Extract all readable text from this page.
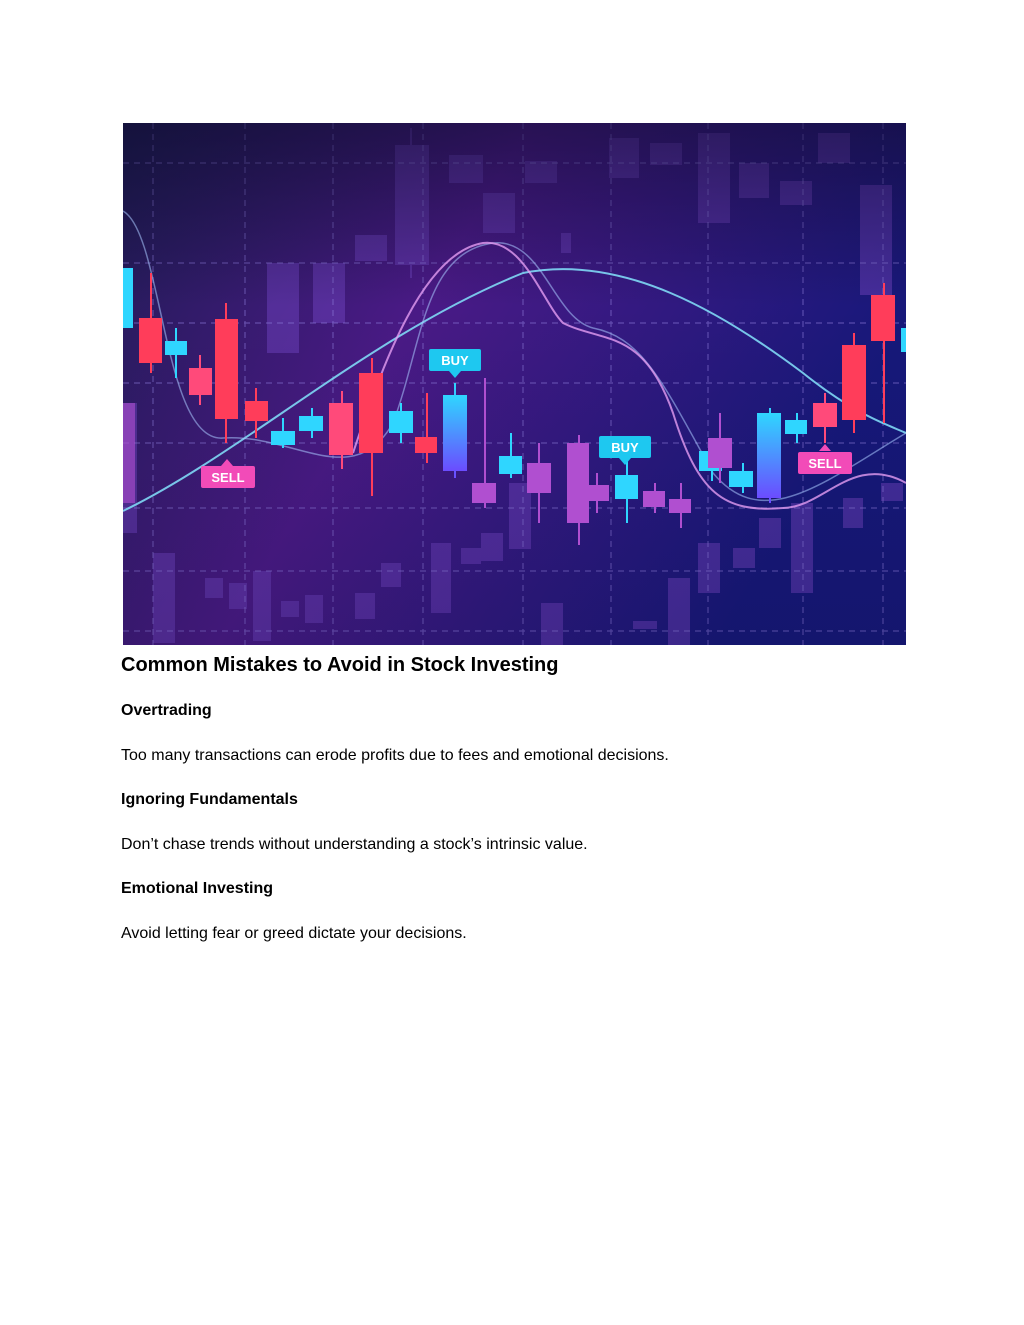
BUY
BUY
SELL
SELL
Common Mistakes to Avoid in Stock Investing
Overtrading

Too many transactions can erode profits due to fees and emotional decisions.

Ignoring Fundamentals

Don’t chase trends without understanding a stock’s intrinsic value.

Emotional Investing

Avoid letting fear or greed dictate your decisions.
